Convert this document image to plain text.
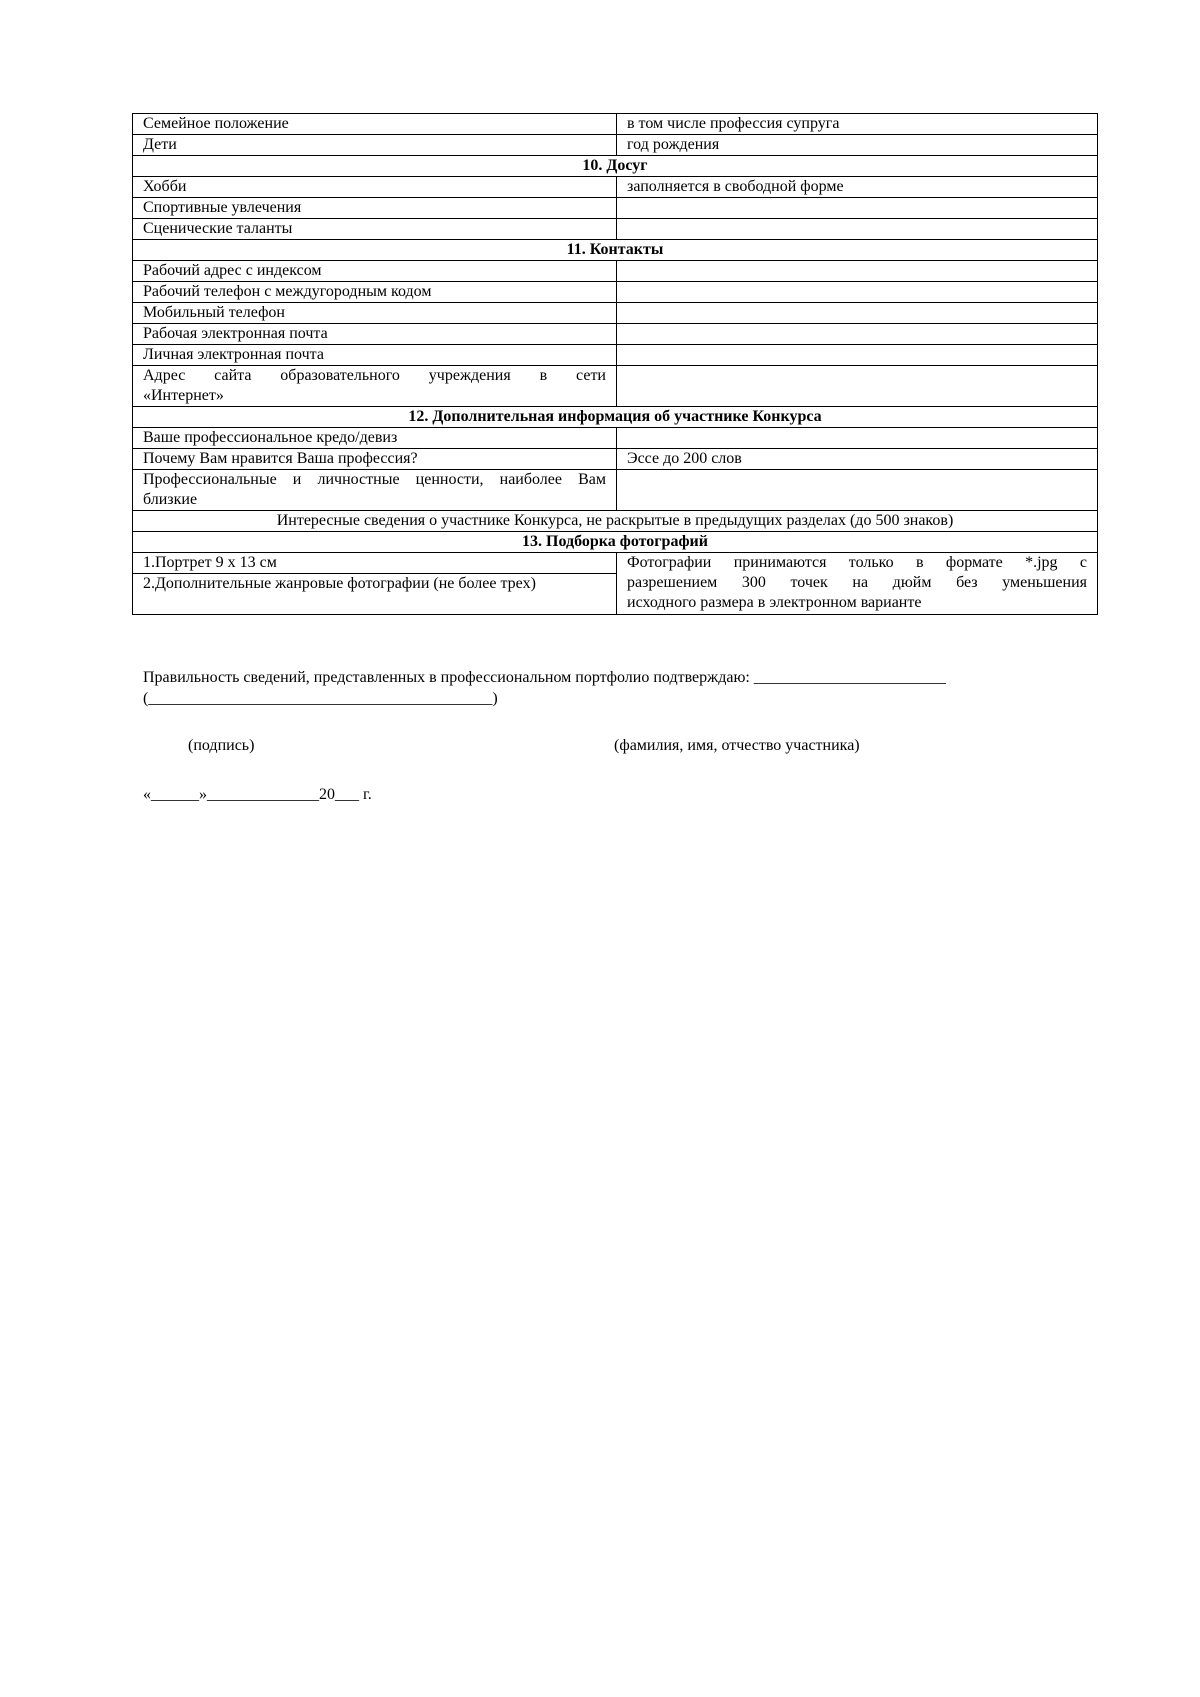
Семейное положение	в том числе профессия супруга
Дети	год рождения
10. Досуг	
Хобби	заполняется в свободной форме
Спортивные увлечения	
Сценические таланты	
11. Контакты	
Рабочий адрес с индексом	
Рабочий телефон с междугородным кодом	
Мобильный телефон	
Рабочая электронная почта	
Личная электронная почта	

Адрес сайта образовательного учреждения в сети
«Интернет»	

12. Дополнительная информация об участнике Конкурса	
Ваше профессиональное кредо/девиз	
Почему Вам нравится Ваша профессия?	Эссе до 200 слов

Профессиональные и личностные ценности, наиболее Вам
близкие	

Интересные сведения о участнике Конкурса, не раскрытые в предыдущих разделах (до 500 знаков)	
13. Подборка фотографий	
1.Портрет 9 х 13 см	Фотографии принимаются только в формате *.jpg с
разрешением 300 точек на дюйм без уменьшения
исходного размера в электронном варианте

2.Дополнительные жанровые фотографии (не более трех)	
Правильность сведений, представленных в профессиональном портфолио подтверждаю: ________________________
(___________________________________________)
(подпись)	(фамилия, имя, отчество участника)
«______»______________20___ г.
